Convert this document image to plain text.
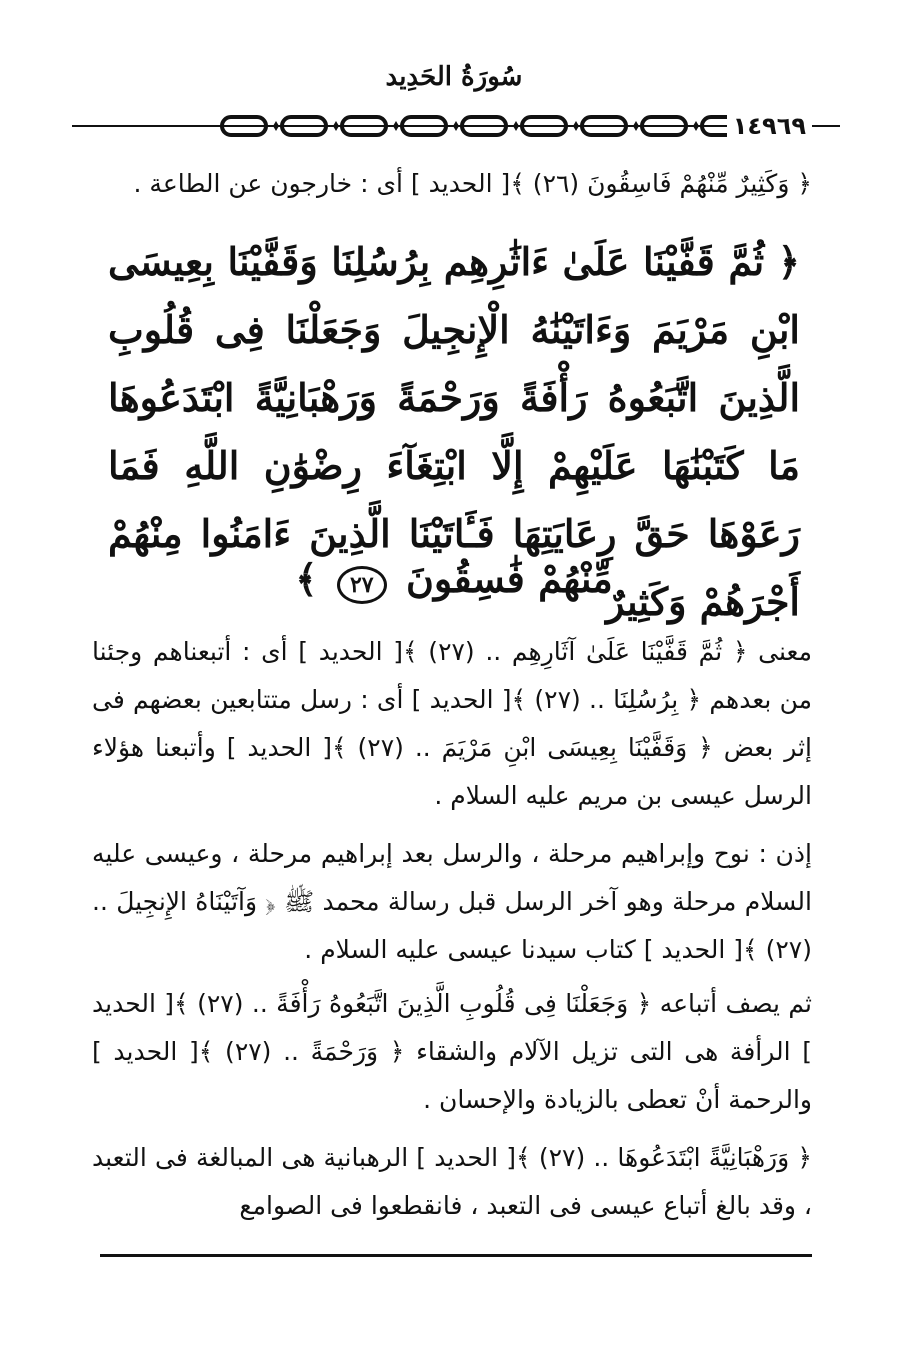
سُورَةُ الحَدِيد
١٤٩٦٩
﴿ وَكَثِيرٌ مِّنْهُمْ فَاسِقُونَ (٢٦) ﴾[ الحديد ] أى : خارجون عن الطاعة .
﴿ ثُمَّ قَفَّيْنَا عَلَىٰ ءَاثَٰرِهِم بِرُسُلِنَا وَقَفَّيْنَا بِعِيسَى ابْنِ مَرْيَمَ وَءَاتَيْنَٰهُ الْإِنجِيلَ وَجَعَلْنَا فِى قُلُوبِ الَّذِينَ اتَّبَعُوهُ رَأْفَةً وَرَحْمَةً وَرَهْبَانِيَّةً ابْتَدَعُوهَا مَا كَتَبْنَٰهَا عَلَيْهِمْ إِلَّا ابْتِغَآءَ رِضْوَٰنِ اللَّهِ فَمَا رَعَوْهَا حَقَّ رِعَايَتِهَا فَـَٔاتَيْنَا الَّذِينَ ءَامَنُوا مِنْهُمْ أَجْرَهُمْ وَكَثِيرٌ
مِّنْهُمْ فَٰسِقُونَ ٢٧ ﴾
معنى ﴿ ثُمَّ قَفَّيْنَا عَلَىٰ آثَارِهِم .. (٢٧) ﴾[ الحديد ] أى : أتبعناهم وجئنا من بعدهم ﴿ بِرُسُلِنَا .. (٢٧) ﴾[ الحديد ] أى : رسل متتابعين بعضهم فى إثر بعض ﴿ وَقَفَّيْنَا بِعِيسَى ابْنِ مَرْيَمَ .. (٢٧) ﴾[ الحديد ] وأتبعنا هؤلاء الرسل عيسى بن مريم عليه السلام .
إذن : نوح وإبراهيم مرحلة ، والرسل بعد إبراهيم مرحلة ، وعيسى عليه السلام مرحلة وهو آخر الرسل قبل رسالة محمد ﷺ ﴿ وَآتَيْنَاهُ الإِنجِيلَ .. (٢٧) ﴾[ الحديد ] كتاب سيدنا عيسى عليه السلام .
ثم يصف أتباعه ﴿ وَجَعَلْنَا فِى قُلُوبِ الَّذِينَ اتَّبَعُوهُ رَأْفَةً .. (٢٧) ﴾[ الحديد ] الرأفة هى التى تزيل الآلام والشقاء ﴿ وَرَحْمَةً .. (٢٧) ﴾[ الحديد ] والرحمة أنْ تعطى بالزيادة والإحسان .
﴿ وَرَهْبَانِيَّةً ابْتَدَعُوهَا .. (٢٧) ﴾[ الحديد ] الرهبانية هى المبالغة فى التعبد ، وقد بالغ أتباع عيسى فى التعبد ، فانقطعوا فى الصوامع
